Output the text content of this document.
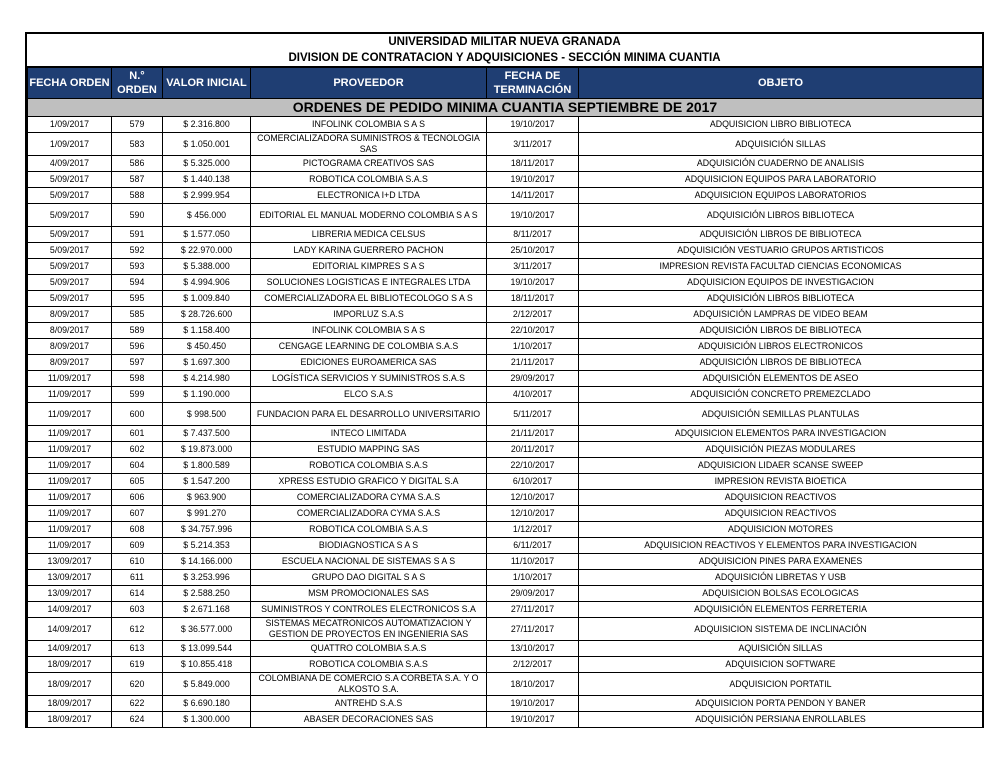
UNIVERSIDAD MILITAR NUEVA GRANADA
DIVISION DE CONTRATACION Y ADQUISICIONES - SECCIÓN MINIMA CUANTIA
FECHA ORDEN	N.° ORDEN	VALOR INICIAL	PROVEEDOR	FECHA DE TERMINACIÓN	OBJETO
ORDENES DE PEDIDO MINIMA CUANTIA SEPTIEMBRE DE 2017					
1/09/2017	579	$ 2.316.800	INFOLINK COLOMBIA S A S	19/10/2017	ADQUISICION LIBRO BIBLIOTECA
1/09/2017	583	$ 1.050.001	COMERCIALIZADORA SUMINISTROS & TECNOLOGIA SAS	3/11/2017	ADQUISICIÓN SILLAS
4/09/2017	586	$ 5.325.000	PICTOGRAMA CREATIVOS SAS	18/11/2017	ADQUISICIÓN CUADERNO DE ANALISIS
5/09/2017	587	$ 1.440.138	ROBOTICA COLOMBIA S.A.S	19/10/2017	ADQUISICION EQUIPOS PARA LABORATORIO
5/09/2017	588	$ 2.999.954	ELECTRONICA I+D LTDA	14/11/2017	ADQUISICION EQUIPOS LABORATORIOS
5/09/2017	590	$ 456.000	EDITORIAL EL MANUAL MODERNO COLOMBIA S A S	19/10/2017	ADQUISICIÓN LIBROS BIBLIOTECA
5/09/2017	591	$ 1.577.050	LIBRERIA MEDICA CELSUS	8/11/2017	ADQUISICIÓN LIBROS DE BIBLIOTECA
5/09/2017	592	$ 22.970.000	LADY KARINA GUERRERO PACHON	25/10/2017	ADQUISICIÓN VESTUARIO GRUPOS ARTISTICOS
5/09/2017	593	$ 5.388.000	EDITORIAL KIMPRES S A S	3/11/2017	IMPRESION REVISTA FACULTAD CIENCIAS ECONOMICAS
5/09/2017	594	$ 4.994.906	SOLUCIONES LOGISTICAS E INTEGRALES LTDA	19/10/2017	ADQUISICION EQUIPOS DE INVESTIGACION
5/09/2017	595	$ 1.009.840	COMERCIALIZADORA EL BIBLIOTECOLOGO S A S	18/11/2017	ADQUISICIÓN LIBROS BIBLIOTECA
8/09/2017	585	$ 28.726.600	IMPORLUZ S.A.S	2/12/2017	ADQUISICIÓN LAMPRAS DE VIDEO BEAM
8/09/2017	589	$ 1.158.400	INFOLINK COLOMBIA S A S	22/10/2017	ADQUISICIÓN LIBROS DE BIBLIOTECA
8/09/2017	596	$ 450.450	CENGAGE LEARNING DE COLOMBIA S.A.S	1/10/2017	ADQUISICIÓN LIBROS ELECTRONICOS
8/09/2017	597	$ 1.697.300	EDICIONES EUROAMERICA SAS	21/11/2017	ADQUISICIÓN LIBROS DE BIBLIOTECA
11/09/2017	598	$ 4.214.980	LOGÍSTICA SERVICIOS Y SUMINISTROS S.A.S	29/09/2017	ADQUISICIÓN ELEMENTOS DE ASEO
11/09/2017	599	$ 1.190.000	ELCO S.A.S	4/10/2017	ADQUISICIÓN CONCRETO PREMEZCLADO
11/09/2017	600	$ 998.500	FUNDACION PARA EL DESARROLLO UNIVERSITARIO	5/11/2017	ADQUISICIÓN SEMILLAS PLANTULAS
11/09/2017	601	$ 7.437.500	INTECO LIMITADA	21/11/2017	ADQUISICION ELEMENTOS PARA INVESTIGACION
11/09/2017	602	$ 19.873.000	ESTUDIO MAPPING SAS	20/11/2017	ADQUISICIÓN PIEZAS MODULARES
11/09/2017	604	$ 1.800.589	ROBOTICA COLOMBIA S.A.S	22/10/2017	ADQUISICION LIDAER SCANSE SWEEP
11/09/2017	605	$ 1.547.200	XPRESS ESTUDIO GRAFICO Y DIGITAL S.A	6/10/2017	IMPRESION REVISTA BIOETICA
11/09/2017	606	$ 963.900	COMERCIALIZADORA CYMA S.A.S	12/10/2017	ADQUISICION REACTIVOS
11/09/2017	607	$ 991.270	COMERCIALIZADORA CYMA S.A.S	12/10/2017	ADQUISICION REACTIVOS
11/09/2017	608	$ 34.757.996	ROBOTICA COLOMBIA S.A.S	1/12/2017	ADQUISICION MOTORES
11/09/2017	609	$ 5.214.353	BIODIAGNOSTICA S A S	6/11/2017	ADQUISICION REACTIVOS Y ELEMENTOS PARA INVESTIGACION
13/09/2017	610	$ 14.166.000	ESCUELA NACIONAL DE SISTEMAS S A S	11/10/2017	ADQUISICION PINES PARA EXAMENES
13/09/2017	611	$ 3.253.996	GRUPO DAO DIGITAL S A S	1/10/2017	ADQUISICIÓN LIBRETAS Y USB
13/09/2017	614	$ 2.588.250	MSM PROMOCIONALES SAS	29/09/2017	ADQUISICION BOLSAS ECOLOGICAS
14/09/2017	603	$ 2.671.168	SUMINISTROS Y CONTROLES ELECTRONICOS S.A	27/11/2017	ADQUISICIÓN ELEMENTOS FERRETERIA
14/09/2017	612	$ 36.577.000	SISTEMAS MECATRONICOS AUTOMATIZACION Y GESTION DE PROYECTOS EN INGENIERIA SAS	27/11/2017	ADQUISICION SISTEMA DE INCLINACIÓN
14/09/2017	613	$ 13.099.544	QUATTRO COLOMBIA S.A.S	13/10/2017	AQUISICIÓN SILLAS
18/09/2017	619	$ 10.855.418	ROBOTICA COLOMBIA S.A.S	2/12/2017	ADQUISICION SOFTWARE
18/09/2017	620	$ 5.849.000	COLOMBIANA DE COMERCIO S.A CORBETA S.A. Y O ALKOSTO S.A.	18/10/2017	ADQUISICION PORTATIL
18/09/2017	622	$ 6.690.180	ANTREHD S.A.S	19/10/2017	ADQUISICION PORTA PENDON Y BANER
18/09/2017	624	$ 1.300.000	ABASER DECORACIONES SAS	19/10/2017	ADQUISICIÓN PERSIANA ENROLLABLES
